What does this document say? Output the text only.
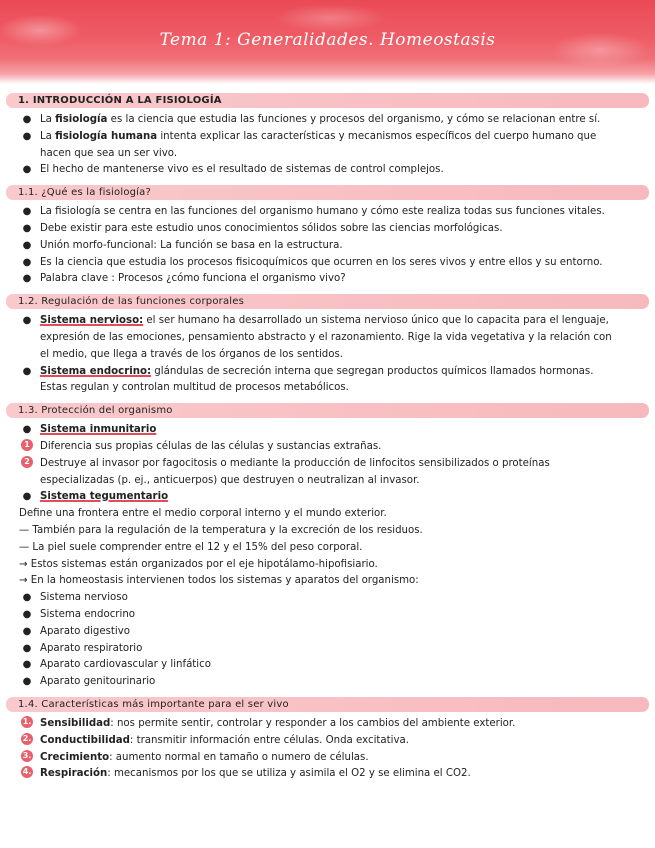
Tema 1: Generalidades. Homeostasis
1. INTRODUCCIÓN A LA FISIOLOGÍA
● La fisiología es la ciencia que estudia las funciones y procesos del organismo, y cómo se relacionan entre sí.
● La fisiología humana intenta explicar las características y mecanismos específicos del cuerpo humano que
hacen que sea un ser vivo.
● El hecho de mantenerse vivo es el resultado de sistemas de control complejos.
1.1. ¿Qué es la fisiología?
● La fisiología se centra en las funciones del organismo humano y cómo este realiza todas sus funciones vitales.
● Debe existir para este estudio unos conocimientos sólidos sobre las ciencias morfológicas.
● Unión morfo-funcional: La función se basa en la estructura.
● Es la ciencia que estudia los procesos fisicoquímicos que ocurren en los seres vivos y entre ellos y su entorno.
● Palabra clave : Procesos ¿cómo funciona el organismo vivo?
1.2. Regulación de las funciones corporales
● Sistema nervioso: el ser humano ha desarrollado un sistema nervioso único que lo capacita para el lenguaje,
expresión de las emociones, pensamiento abstracto y el razonamiento. Rige la vida vegetativa y la relación con
el medio, que llega a través de los órganos de los sentidos.
● Sistema endocrino: glándulas de secreción interna que segregan productos químicos llamados hormonas.
Estas regulan y controlan multitud de procesos metabólicos.
1.3. Protección del organismo
● Sistema inmunitario
1	Diferencia sus propias células de las células y sustancias extrañas.
2	Destruye al invasor por fagocitosis o mediante la producción de linfocitos sensibilizados o proteínas
especializadas (p. ej., anticuerpos) que destruyen o neutralizan al invasor.
● Sistema tegumentario
Define una frontera entre el medio corporal interno y el mundo exterior.
— También para la regulación de la temperatura y la excreción de los residuos.
— La piel suele comprender entre el 12 y el 15% del peso corporal.
→ Estos sistemas están organizados por el eje hipotálamo-hipofisiario.
→ En la homeostasis intervienen todos los sistemas y aparatos del organismo:
● Sistema nervioso
● Sistema endocrino
● Aparato digestivo
● Aparato respiratorio
● Aparato cardiovascular y linfático
● Aparato genitourinario
1.4. Características más importante para el ser vivo
1. Sensibilidad: nos permite sentir, controlar y responder a los cambios del ambiente exterior.
2. Conductibilidad: transmitir información entre células. Onda excitativa.
3. Crecimiento: aumento normal en tamaño o numero de células.
4. Respiración: mecanismos por los que se utiliza y asimila el O2 y se elimina el CO2.
